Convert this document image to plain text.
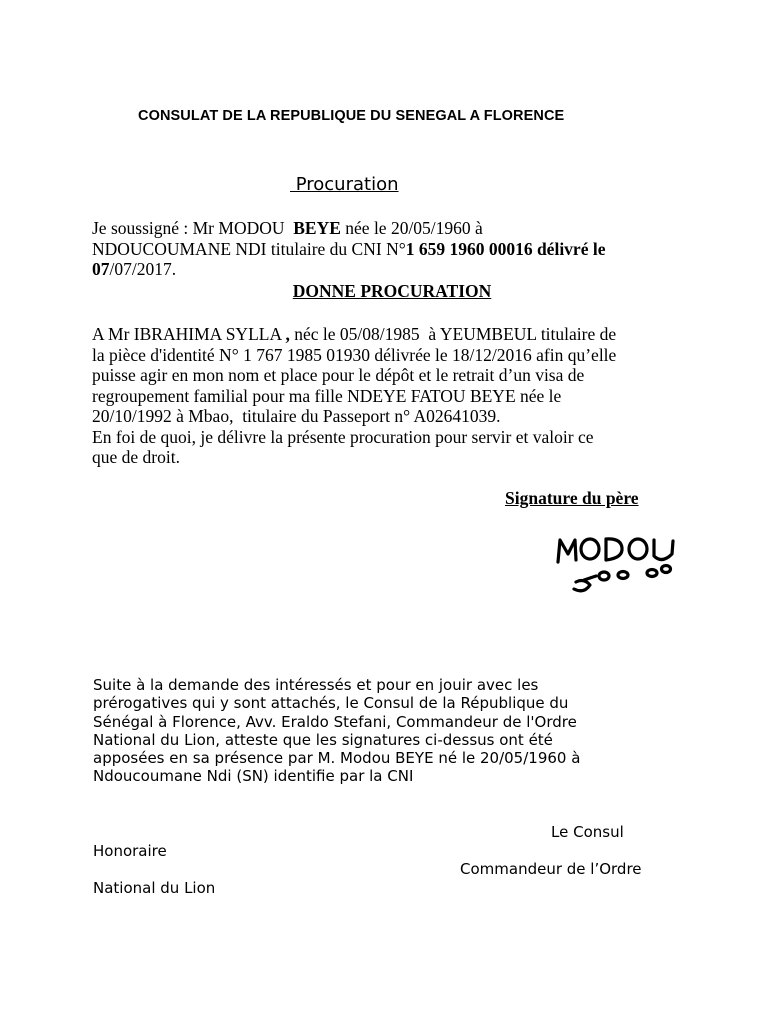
CONSULAT DE LA REPUBLIQUE DU SENEGAL A FLORENCE
Procuration
Je soussigné : Mr MODOU  BEYE née le 20/05/1960 à
NDOUCOUMANE NDI titulaire du CNI N°1 659 1960 00016 délivré le
07/07/2017.
DONNE PROCURATION
A Mr IBRAHIMA SYLLA , néc le 05/08/1985  à YEUMBEUL titulaire de
la pièce d'identité N° 1 767 1985 01930 délivrée le 18/12/2016 afin qu’elle
puisse agir en mon nom et place pour le dépôt et le retrait d’un visa de
regroupement familial pour ma fille NDEYE FATOU BEYE née le
20/10/1992 à Mbao,  titulaire du Passeport n° A02641039.
En foi de quoi, je délivre la présente procuration pour servir et valoir ce
que de droit.
Signature du père
Suite à la demande des intéressés et pour en jouir avec les
prérogatives qui y sont attachés, le Consul de la République du
Sénégal à Florence, Avv. Eraldo Stefani, Commandeur de l'Ordre
National du Lion, atteste que les signatures ci-dessus ont été
apposées en sa présence par M. Modou BEYE né le 20/05/1960 à
Ndoucoumane Ndi (SN) identifie par la CNI
Le Consul
Honoraire
Commandeur de l’Ordre
National du Lion
